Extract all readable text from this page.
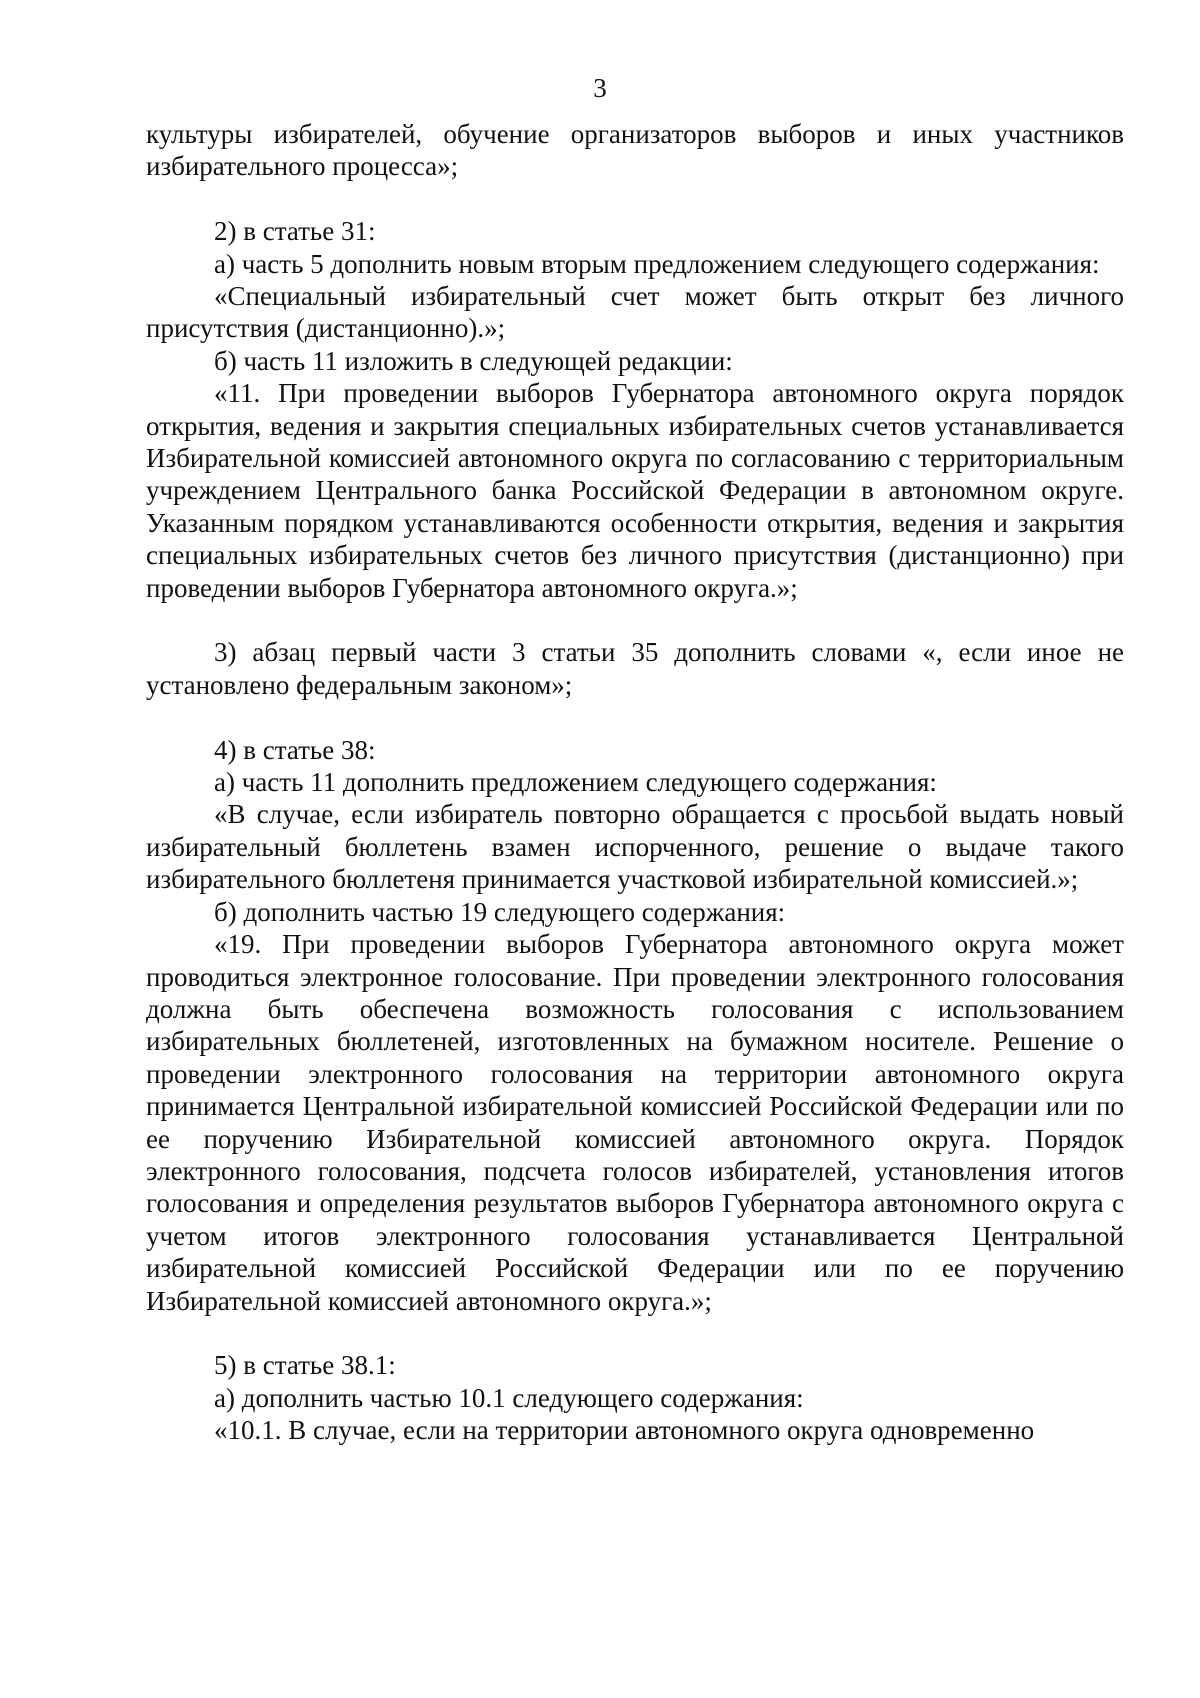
3

культуры избирателей, обучение организаторов выборов и иных участников избирательного процесса»;

2) в статье 31:

а) часть 5 дополнить новым вторым предложением следующего содержания:

«Специальный избирательный счет может быть открыт без личного присутствия (дистанционно).»;

б) часть 11 изложить в следующей редакции:

«11. При проведении выборов Губернатора автономного округа порядок открытия, ведения и закрытия специальных избирательных счетов устанавливается Избирательной комиссией автономного округа по согласованию с территориальным учреждением Центрального банка Российской Федерации в автономном округе. Указанным порядком устанавливаются особенности открытия, ведения и закрытия специальных избирательных счетов без личного присутствия (дистанционно) при проведении выборов Губернатора автономного округа.»;

3) абзац первый части 3 статьи 35 дополнить словами «, если иное не установлено федеральным законом»;

4) в статье 38:

а) часть 11 дополнить предложением следующего содержания:

«В случае, если избиратель повторно обращается с просьбой выдать новый избирательный бюллетень взамен испорченного, решение о выдаче такого избирательного бюллетеня принимается участковой избирательной комиссией.»;

б) дополнить частью 19 следующего содержания:

«19. При проведении выборов Губернатора автономного округа может проводиться электронное голосование. При проведении электронного голосования должна быть обеспечена возможность голосования с использованием избирательных бюллетеней, изготовленных на бумажном носителе. Решение о проведении электронного голосования на территории автономного округа принимается Центральной избирательной комиссией Российской Федерации или по ее поручению Избирательной комиссией автономного округа. Порядок электронного голосования, подсчета голосов избирателей, установления итогов голосования и определения результатов выборов Губернатора автономного округа с учетом итогов электронного голосования устанавливается Центральной избирательной комиссией Российской Федерации или по ее поручению Избирательной комиссией автономного округа.»;

5) в статье 38.1:

а) дополнить частью 10.1 следующего содержания:

«10.1. В случае, если на территории автономного округа одновременно
